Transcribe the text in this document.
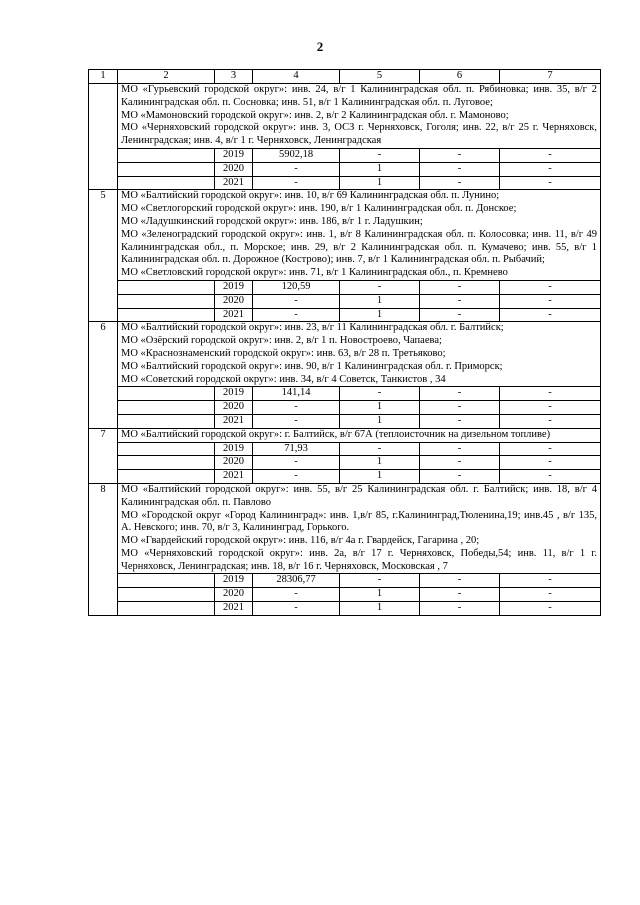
2
1	2	3	4	5	6	7

	МО «Гурьевский городской округ»: инв. 24, в/г 1 Калининградская обл. п. Рябиновка; инв. 35, в/г 2 Калининградская обл. п. Сосновка; инв. 51, в/г 1 Калининградская обл. п. Луговое;

МО «Мамоновский городской округ»: инв. 2, в/г 2 Калининградская обл. г. Мамоново;

МО «Черняховский городской округ»: инв. 3, ОСЗ г. Черняховск, Гоголя; инв. 22, в/г 25 г. Черняховск, Ленинградская; инв. 4, в/г 1 г. Черняховск, Ленинградская					

		2019	5902,18	-	-	-
		2020	-	1	-	-
		2021	-	1	-	-
5	МО «Балтийский городской округ»: инв. 10, в/г 69 Калининградская обл. п. Лунино;

МО «Светлогорский городской округ»: инв. 190, в/г 1 Калининградская обл. п. Донское;

МО «Ладушкинский городской округ»: инв. 186, в/г 1 г. Ладушкин;

МО «Зеленоградский городской округ»: инв. 1, в/г 8 Калининградская обл. п. Колосовка; инв. 11, в/г 49 Калининградская обл., п. Морское; инв. 29, в/г 2 Калининградская обл. п. Кумачево; инв. 55, в/г 1 Калининградская обл. п. Дорожное (Кострово); инв. 7, в/г 1 Калининградская обл. п. Рыбачий;

МО «Светловский городской округ»: инв. 71, в/г 1 Калининградская обл., п. Кремнево					

		2019	120,59	-	-	-
		2020	-	1	-	-
		2021	-	1	-	-
6	МО «Балтийский городской округ»: инв. 23, в/г 11 Калининградская обл. г. Балтийск;

МО «Озёрский городской округ»: инв. 2, в/г 1 п. Новостроево, Чапаева;

МО «Краснознаменский городской округ»: инв. 63, в/г 28 п. Третьяково;

МО «Балтийский городской округ»: инв. 90, в/г 1 Калининградская обл. г. Приморск;

МО «Советский городской округ»: инв. 34, в/г 4 Советск, Танкистов , 34					

		2019	141,14	-	-	-
		2020	-	1	-	-
		2021	-	1	-	-
7	МО «Балтийский городской округ»: г. Балтийск, в/г 67А (теплоисточник на дизельном топливе)					

		2019	71,93	-	-	-
		2020	-	1	-	-
		2021	-	1	-	-
8	МО «Балтийский городской округ»: инв. 55, в/г 25 Калининградская обл. г. Балтийск; инв. 18, в/г 4 Калининградская обл. п. Павлово

МО «Городской округ «Город Калининград»: инв. 1,в/г 85, г.Калининград,Тюленина,19; инв.45 , в/г 135, А. Невского; инв. 70, в/г 3, Калининград, Горького.

МО «Гвардейский городской округ»: инв. 116, в/г 4а г. Гвардейск, Гагарина , 20;

МО «Черняховский городской округ»: инв. 2а, в/г 17 г. Черняховск, Победы,54; инв. 11, в/г 1 г. Черняховск, Ленинградская; инв. 18, в/г 16 г. Черняховск, Московская , 7					

		2019	28306,77	-	-	-
		2020	-	1	-	-
		2021	-	1	-	-
